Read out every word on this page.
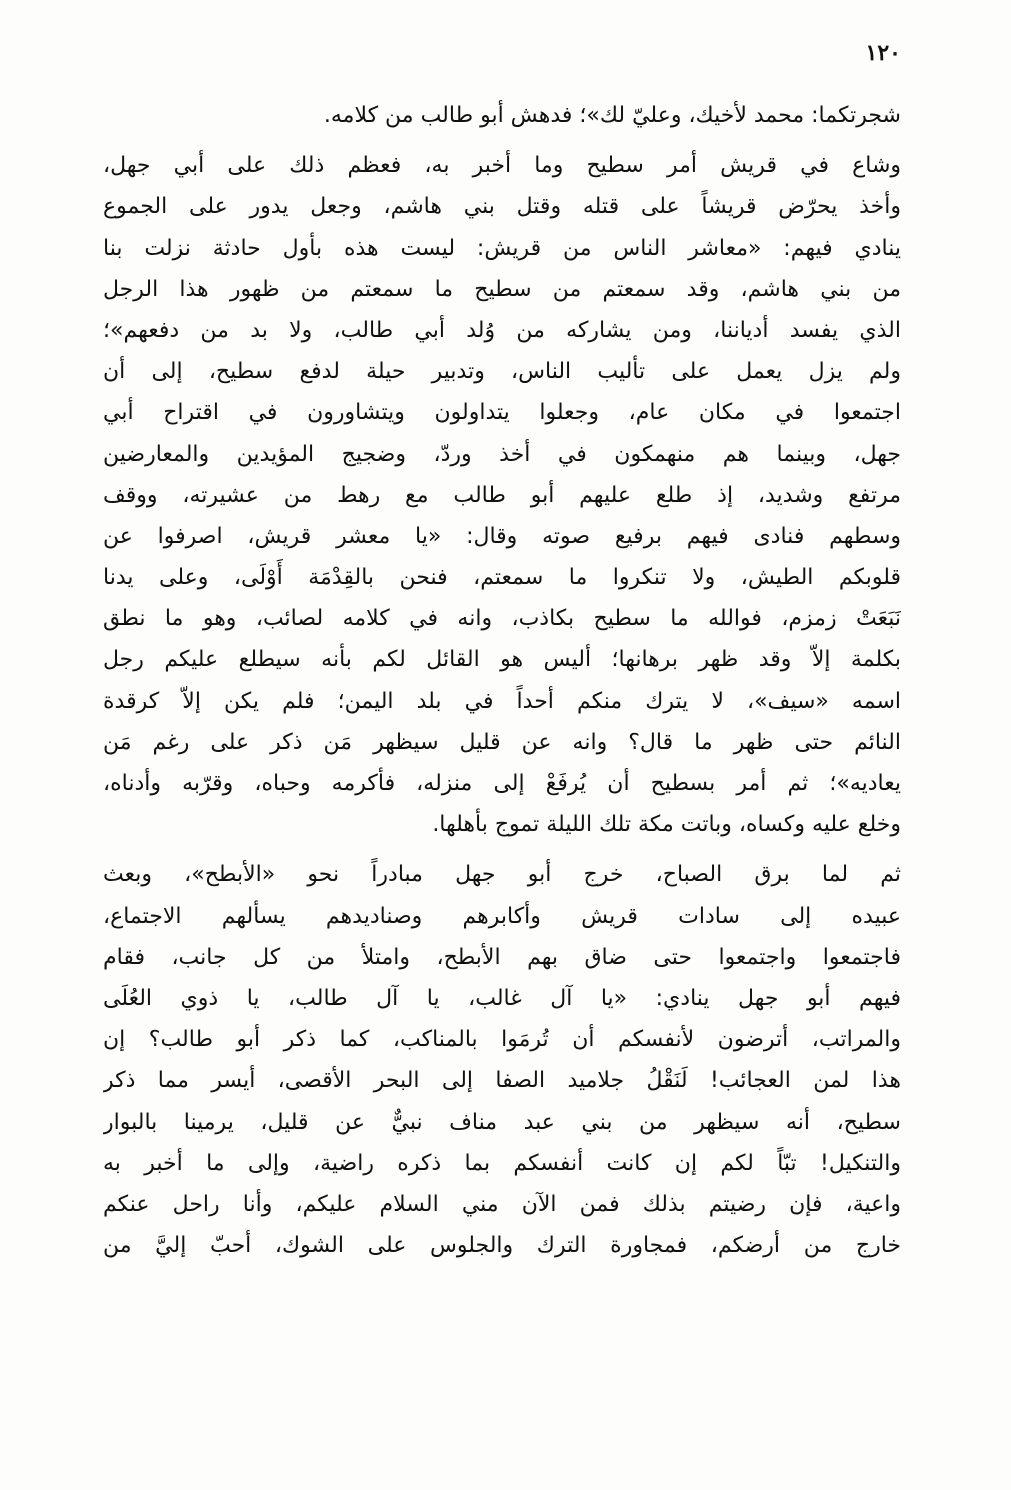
١٢٠
شجرتكما: محمد لأخيك، وعليّ لك»؛ فدهش أبو طالب من كلامه.
وشاع في قريش أمر سطيح وما أخبر به، فعظم ذلك على أبي جهل،
وأخذ يحرّض قريشاً على قتله وقتل بني هاشم، وجعل يدور على الجموع
ينادي فيهم: «معاشر الناس من قريش: ليست هذه بأول حادثة نزلت بنا
من بني هاشم، وقد سمعتم من سطيح ما سمعتم من ظهور هذا الرجل
الذي يفسد أدياننا، ومن يشاركه من وُلد أبي طالب، ولا بد من دفعهم»؛
ولم يزل يعمل على تأليب الناس، وتدبير حيلة لدفع سطيح، إلى أن
اجتمعوا في مكان عام، وجعلوا يتداولون ويتشاورون في اقتراح أبي
جهل، وبينما هم منهمكون في أخذ وردّ، وضجيج المؤيدين والمعارضين
مرتفع وشديد، إذ طلع عليهم أبو طالب مع رهط من عشيرته، ووقف
وسطهم فنادى فيهم برفيع صوته وقال: «يا معشر قريش، اصرفوا عن
قلوبكم الطيش، ولا تنكروا ما سمعتم، فنحن بالقِدْمَة أَوْلَى، وعلى يدنا
نَبَعَتْ زمزم، فوالله ما سطيح بكاذب، وانه في كلامه لصائب، وهو ما نطق
بكلمة إلاّ وقد ظهر برهانها؛ أليس هو القائل لكم بأنه سيطلع عليكم رجل
اسمه «سيف»، لا يترك منكم أحداً في بلد اليمن؛ فلم يكن إلاّ كرقدة
النائم حتى ظهر ما قال؟ وانه عن قليل سيظهر مَن ذكر على رغم مَن
يعاديه»؛ ثم أمر بسطيح أن يُرفَعْ إلى منزله، فأكرمه وحباه، وقرّبه وأدناه،
وخلع عليه وكساه، وباتت مكة تلك الليلة تموج بأهلها.
ثم لما برق الصباح، خرج أبو جهل مبادراً نحو «الأبطح»، وبعث
عبيده إلى سادات قريش وأكابرهم وصناديدهم يسألهم الاجتماع،
فاجتمعوا واجتمعوا حتى ضاق بهم الأبطح، وامتلأ من كل جانب، فقام
فيهم أبو جهل ينادي: «يا آل غالب، يا آل طالب، يا ذوي العُلَى
والمراتب، أترضون لأنفسكم أن تُرمَوا بالمناكب، كما ذكر أبو طالب؟ إن
هذا لمن العجائب! لَنَقْلُ جلاميد الصفا إلى البحر الأقصى، أيسر مما ذكر
سطيح، أنه سيظهر من بني عبد مناف نبيٌّ عن قليل، يرمينا بالبوار
والتنكيل! تبّاً لكم إن كانت أنفسكم بما ذكره راضية، وإلى ما أخبر به
واعية، فإن رضيتم بذلك فمن الآن مني السلام عليكم، وأنا راحل عنكم
خارج من أرضكم، فمجاورة الترك والجلوس على الشوك، أحبّ إليَّ من
